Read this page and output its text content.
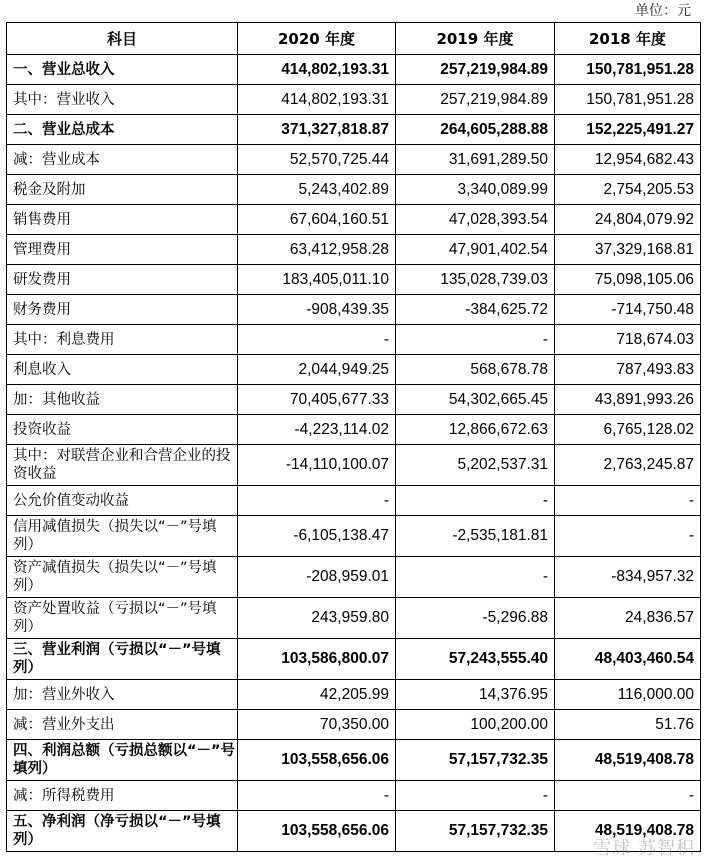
单位：元
科目	2020 年度	2019 年度	2018 年度
一、营业总收入	414,802,193.31	257,219,984.89	150,781,951.28
其中：营业收入	414,802,193.31	257,219,984.89	150,781,951.28
二、营业总成本	371,327,818.87	264,605,288.88	152,225,491.27
减：营业成本	52,570,725.44	31,691,289.50	12,954,682.43
税金及附加	5,243,402.89	3,340,089.99	2,754,205.53
销售费用	67,604,160.51	47,028,393.54	24,804,079.92
管理费用	63,412,958.28	47,901,402.54	37,329,168.81
研发费用	183,405,011.10	135,028,739.03	75,098,105.06
财务费用	-908,439.35	-384,625.72	-714,750.48
其中：利息费用	-	-	718,674.03
利息收入	2,044,949.25	568,678.78	787,493.83
加：其他收益	70,405,677.33	54,302,665.45	43,891,993.26
投资收益	-4,223,114.02	12,866,672.63	6,765,128.02
其中：对联营企业和合营企业的投资收益	-14,110,100.07	5,202,537.31	2,763,245.87
公允价值变动收益	-	-	-
信用减值损失（损失以“－”号填列）	-6,105,138.47	-2,535,181.81	-
资产减值损失（损失以“－”号填列）	-208,959.01	-	-834,957.32
资产处置收益（亏损以“－”号填列）	243,959.80	-5,296.88	24,836.57
三、营业利润（亏损以“－”号填列）	103,586,800.07	57,243,555.40	48,403,460.54
加：营业外收入	42,205.99	14,376.95	116,000.00
减：营业外支出	70,350.00	100,200.00	51.76
四、利润总额（亏损总额以“－”号填列）	103,558,656.06	57,157,732.35	48,519,408.78
减：所得税费用	-	-	-
五、净利润（净亏损以“－”号填列）	103,558,656.06	57,157,732.35	48,519,408.78
雪球 苏智积
